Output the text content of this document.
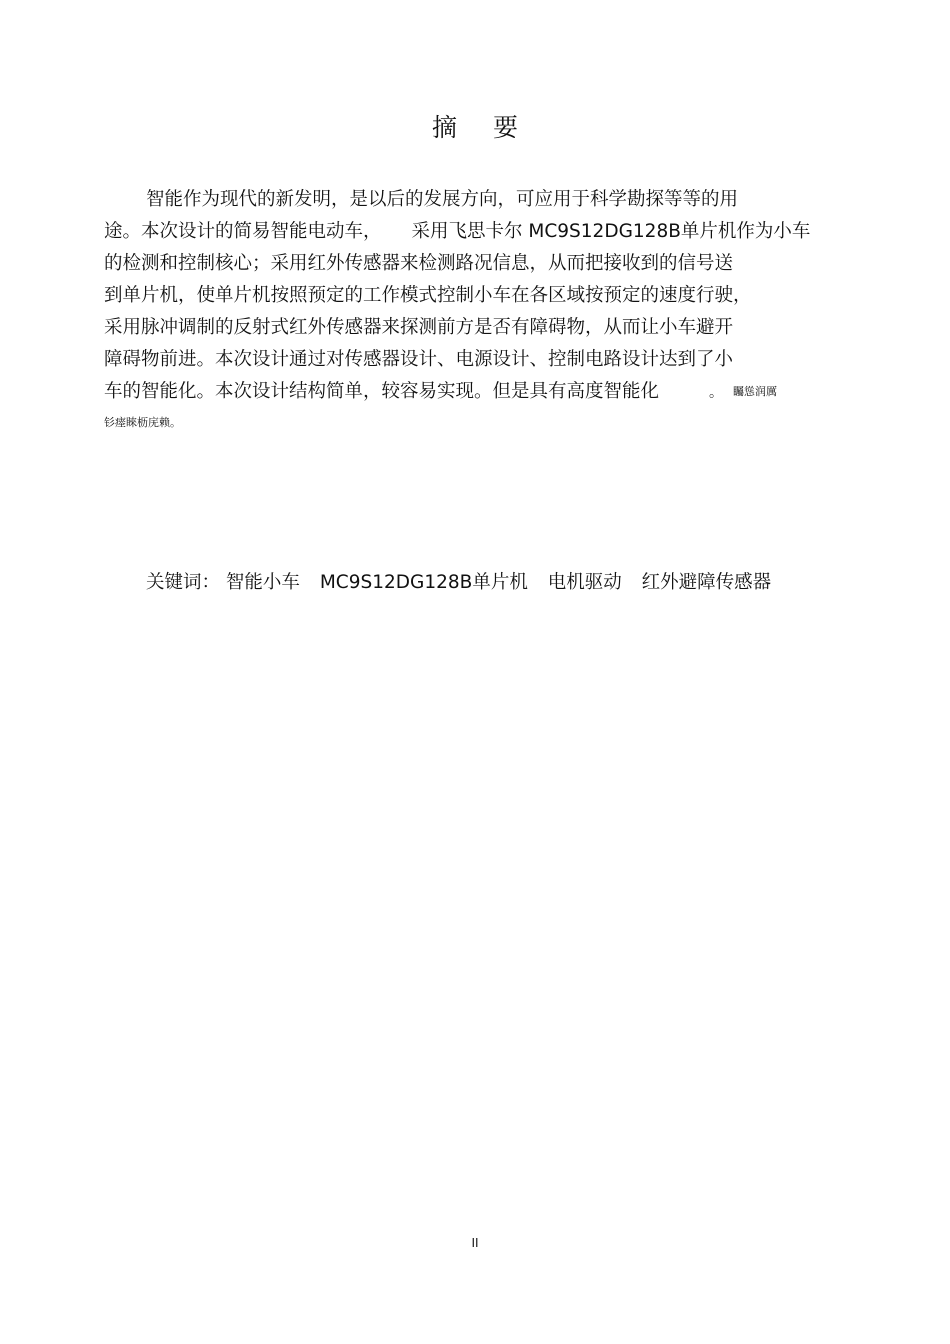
摘 要
智能作为现代的新发明，是以后的发展方向，可应用于科学勘探等等的用
途。本次设计的简易智能电动车， 采用飞思卡尔 MC9S12DG128B单片机作为小车
的检测和控制核心；采用红外传感器来检测路况信息，从而把接收到的信号送
到单片机，使单片机按照预定的工作模式控制小车在各区域按预定的速度行驶，
采用脉冲调制的反射式红外传感器来探测前方是否有障碍物，从而让小车避开
障碍物前进。本次设计通过对传感器设计、电源设计、控制电路设计达到了小
车的智能化。本次设计结构简单，较容易实现。但是具有高度智能化	。 矚慫润厲
钐瘗睞枥庑赖。
关键词： 智能小车 MC9S12DG128B单片机 电机驱动 红外避障传感器
II
